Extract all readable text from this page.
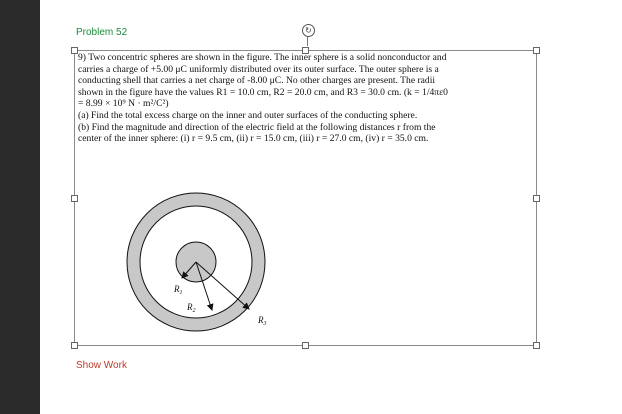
Problem 52	↻

9) Two concentric spheres are shown in the figure. The inner sphere is a solid nonconductor and

carries a charge of +5.00 μC uniformly distributed over its outer surface. The outer sphere is a

conducting shell that carries a net charge of -8.00 μC. No other charges are present. The radii

shown in the figure have the values R1 = 10.0 cm, R2 = 20.0 cm, and R3 = 30.0 cm. (k = 1/4πε0

= 8.99 × 10⁹ N · m²/C²)

(a) Find the total excess charge on the inner and outer surfaces of the conducting sphere.

(b) Find the magnitude and direction of the electric field at the following distances r from the

center of the inner sphere: (i) r = 9.5 cm, (ii) r = 15.0 cm, (iii) r = 27.0 cm, (iv) r = 35.0 cm.

$R_1$
$R_2$
$R_3$
Show Work
